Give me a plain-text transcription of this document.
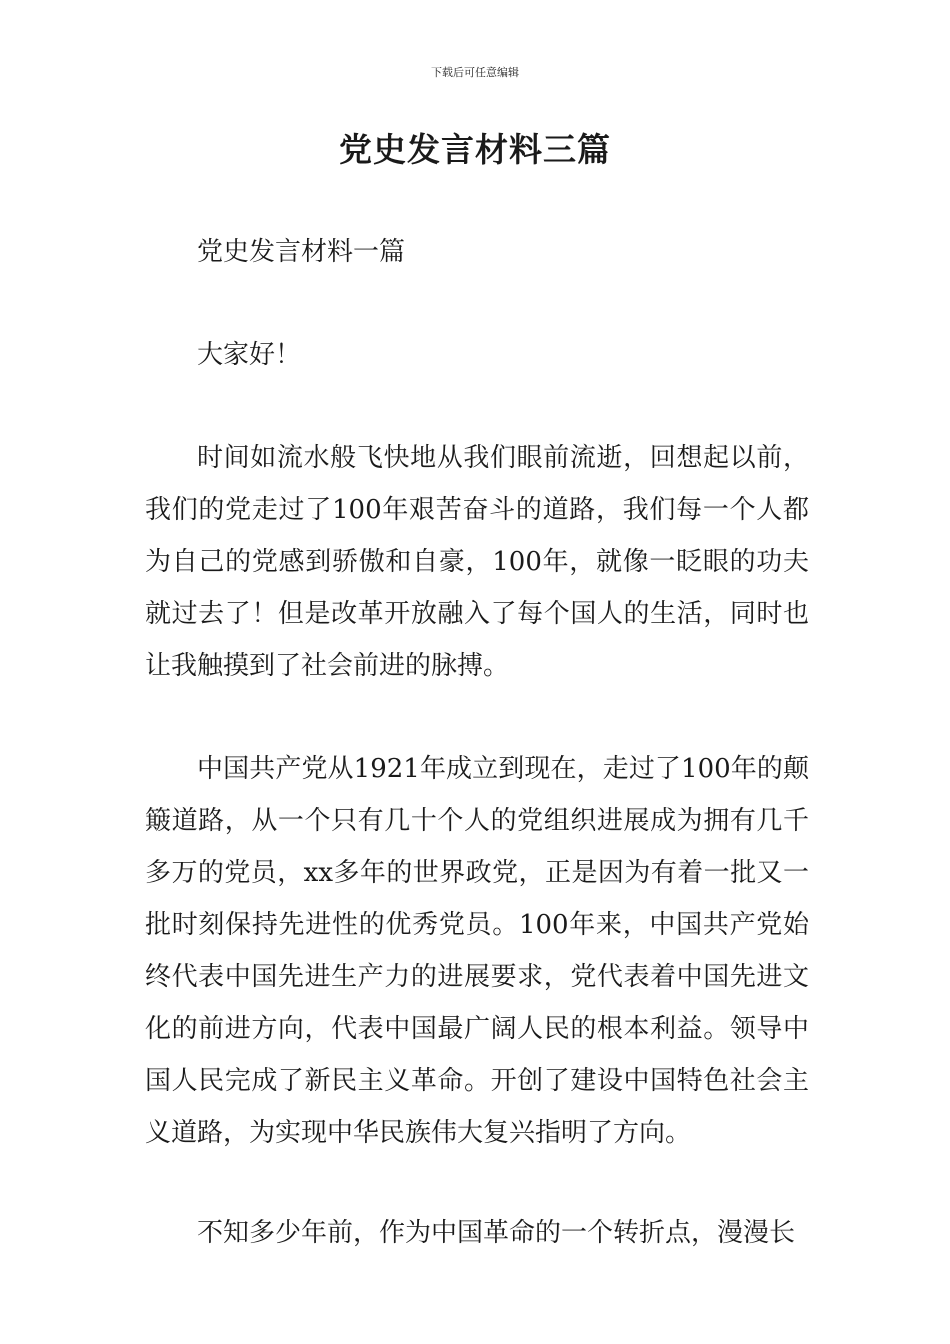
下载后可任意编辑
党史发言材料三篇

党史发言材料一篇

大家好！

时间如流水般飞快地从我们眼前流逝，回想起以前，我们的党走过了100年艰苦奋斗的道路，我们每一个人都为自己的党感到骄傲和自豪，100年，就像一眨眼的功夫就过去了！但是改革开放融入了每个国人的生活，同时也让我触摸到了社会前进的脉搏。

中国共产党从1921年成立到现在，走过了100年的颠簸道路，从一个只有几十个人的党组织进展成为拥有几千多万的党员，xx多年的世界政党，正是因为有着一批又一批时刻保持先进性的优秀党员。100年来，中国共产党始终代表中国先进生产力的进展要求，党代表着中国先进文化的前进方向，代表中国最广阔人民的根本利益。领导中国人民完成了新民主义革命。开创了建设中国特色社会主义道路，为实现中华民族伟大复兴指明了方向。

不知多少年前，作为中国革命的一个转折点，漫漫长
